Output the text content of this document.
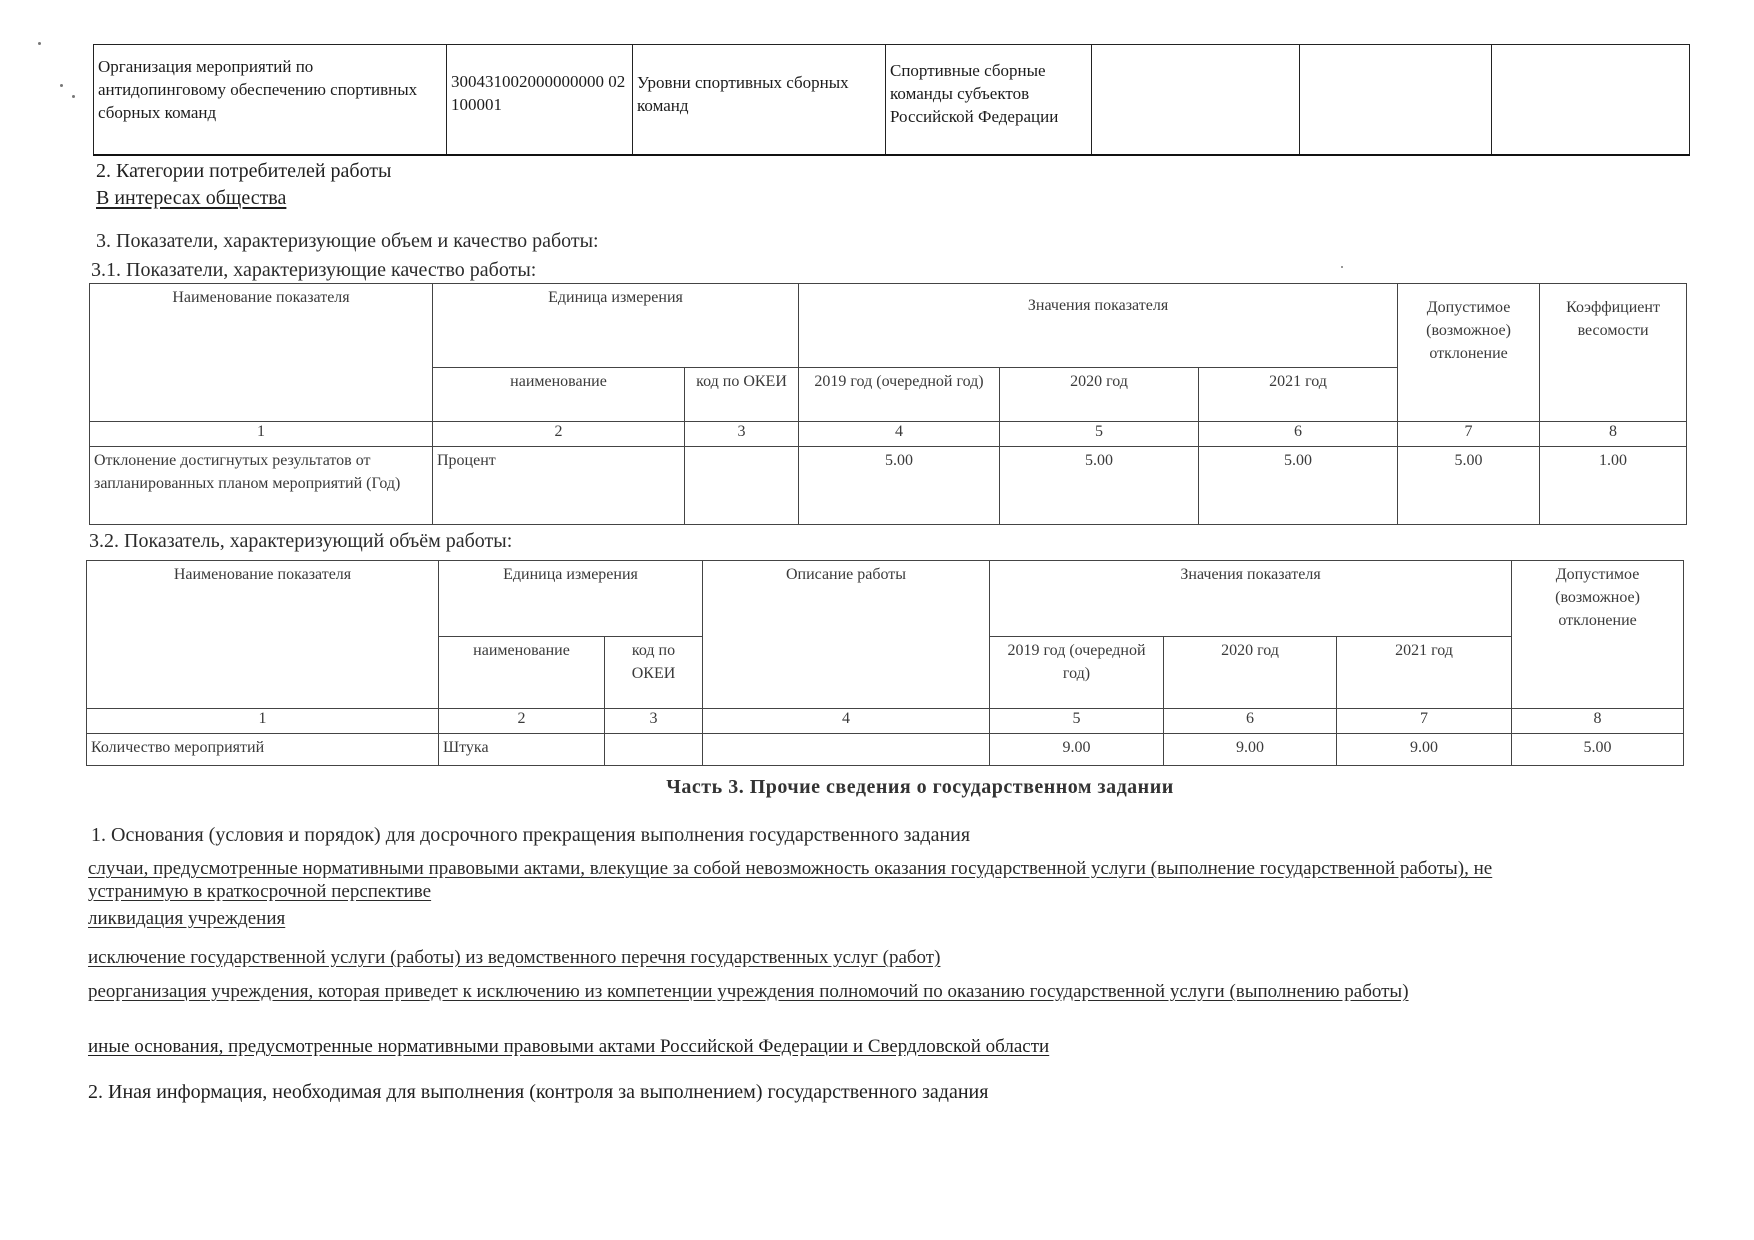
Организация мероприятий по антидопинговому обеспечению спортивных сборных команд	300431002000000000 02100001	Уровни спортивных сборных команд	Спортивные сборные команды субъектов Российской Федерации			
2. Категории потребителей работы
В интересах общества
3. Показатели, характеризующие объем и качество работы:
3.1. Показатели, характеризующие качество работы:
Наименование показателя	Единица измерения		Значения показателя			Допустимое (возможное) отклонение	Коэффициент весомости
	наименование	код по ОКЕИ	2019 год (очередной год)	2020 год	2021 год		
1	2	3	4	5	6	7	8
Отклонение достигнутых результатов от запланированных планом мероприятий (Год)	Процент		5.00	5.00	5.00	5.00	1.00
3.2. Показатель, характеризующий объём работы:
Наименование показателя	Единица измерения		Описание работы	Значения показателя			Допустимое (возможное) отклонение
	наименование	код по ОКЕИ		2019 год (очередной год)	2020 год	2021 год	
1	2	3	4	5	6	7	8
Количество мероприятий	Штука			9.00	9.00	9.00	5.00
Часть 3. Прочие сведения о государственном задании
1. Основания (условия и порядок) для досрочного прекращения выполнения государственного задания
случаи, предусмотренные нормативными правовыми актами, влекущие за собой невозможность оказания государственной услуги (выполнение государственной работы), не устранимую в краткосрочной перспективе
ликвидация учреждения
исключение государственной услуги (работы) из ведомственного перечня государственных услуг (работ)
реорганизация учреждения, которая приведет к исключению из компетенции учреждения полномочий по оказанию государственной услуги (выполнению работы)
иные основания, предусмотренные нормативными правовыми актами Российской Федерации и Свердловской области
2. Иная информация, необходимая для выполнения (контроля за выполнением) государственного задания
